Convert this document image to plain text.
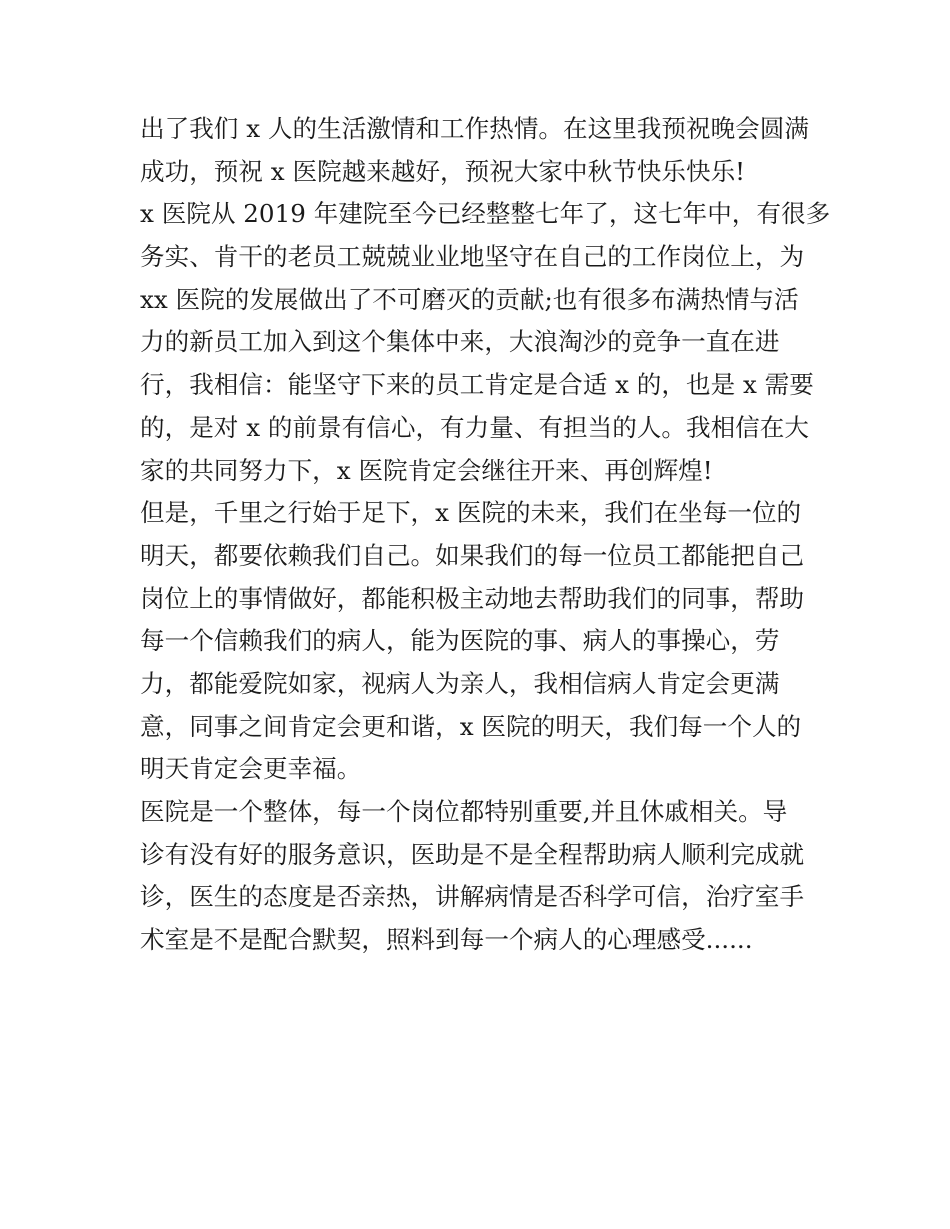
出了我们 x 人的生活激情和工作热情。在这里我预祝晚会圆满
成功，预祝 x 医院越来越好，预祝大家中秋节快乐快乐!
x 医院从 2019 年建院至今已经整整七年了，这七年中，有很多
务实、肯干的老员工兢兢业业地坚守在自己的工作岗位上，为
xx 医院的发展做出了不可磨灭的贡献;也有很多布满热情与活
力的新员工加入到这个集体中来，大浪淘沙的竞争一直在进
行，我相信：能坚守下来的员工肯定是合适 x 的，也是 x 需要
的，是对 x 的前景有信心，有力量、有担当的人。我相信在大
家的共同努力下，x 医院肯定会继往开来、再创辉煌!
但是，千里之行始于足下，x 医院的未来，我们在坐每一位的
明天，都要依赖我们自己。如果我们的每一位员工都能把自己
岗位上的事情做好，都能积极主动地去帮助我们的同事，帮助
每一个信赖我们的病人，能为医院的事、病人的事操心，劳
力，都能爱院如家，视病人为亲人，我相信病人肯定会更满
意，同事之间肯定会更和谐，x 医院的明天，我们每一个人的
明天肯定会更幸福。
医院是一个整体，每一个岗位都特别重要,并且休戚相关。导
诊有没有好的服务意识，医助是不是全程帮助病人顺利完成就
诊，医生的态度是否亲热，讲解病情是否科学可信，治疗室手
术室是不是配合默契，照料到每一个病人的心理感受......
